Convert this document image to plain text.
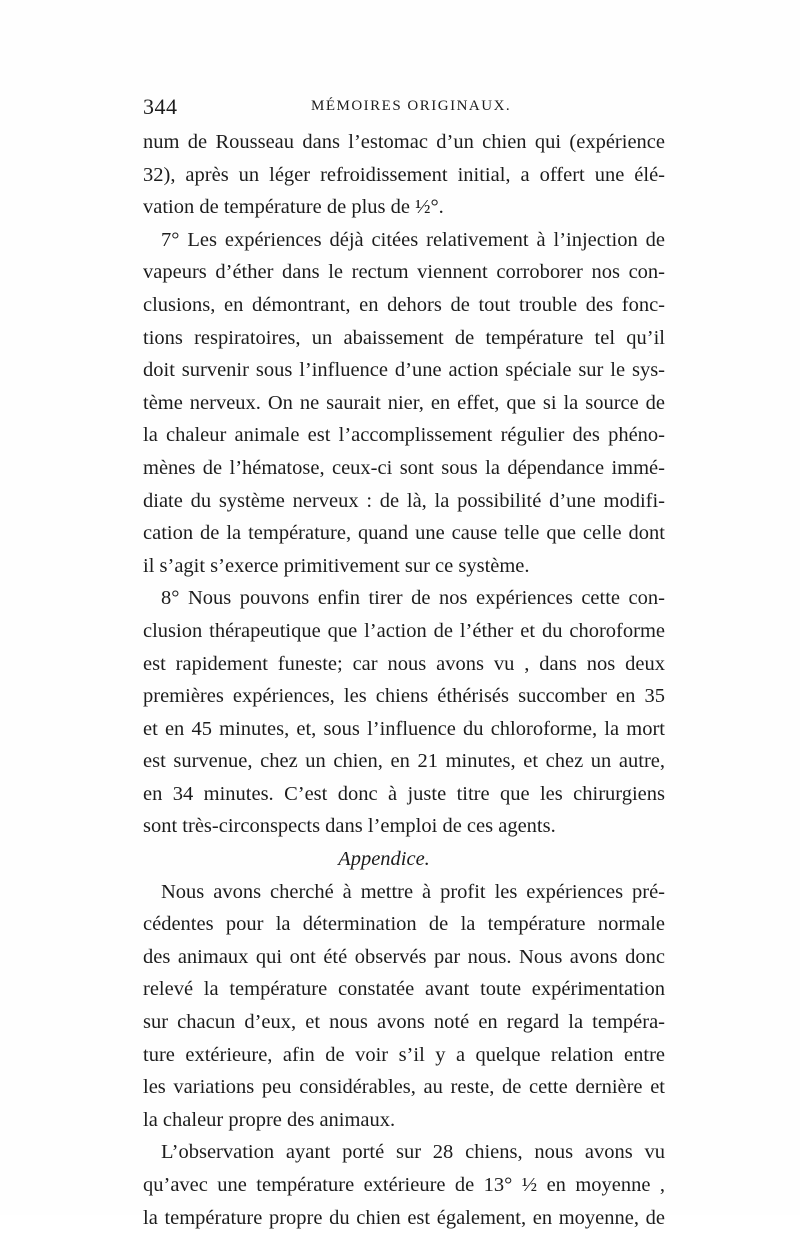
344	MÉMOIRES ORIGINAUX.
num de Rousseau dans l’estomac d’un chien qui (expérience
32), après un léger refroidissement initial, a offert une élé-
vation de température de plus de ½°.
7° Les expériences déjà citées relativement à l’injection de
vapeurs d’éther dans le rectum viennent corroborer nos con-
clusions, en démontrant, en dehors de tout trouble des fonc-
tions respiratoires, un abaissement de température tel qu’il
doit survenir sous l’influence d’une action spéciale sur le sys-
tème nerveux. On ne saurait nier, en effet, que si la source de
la chaleur animale est l’accomplissement régulier des phéno-
mènes de l’hématose, ceux-ci sont sous la dépendance immé-
diate du système nerveux : de là, la possibilité d’une modifi-
cation de la température, quand une cause telle que celle dont
il s’agit s’exerce primitivement sur ce système.
8° Nous pouvons enfin tirer de nos expériences cette con-
clusion thérapeutique que l’action de l’éther et du choroforme
est rapidement funeste; car nous avons vu , dans nos deux
premières expériences, les chiens éthérisés succomber en 35
et en 45 minutes, et, sous l’influence du chloroforme, la mort
est survenue, chez un chien, en 21 minutes, et chez un autre,
en 34 minutes. C’est donc à juste titre que les chirurgiens
sont très-circonspects dans l’emploi de ces agents.
Appendice.
Nous avons cherché à mettre à profit les expériences pré-
cédentes pour la détermination de la température normale
des animaux qui ont été observés par nous. Nous avons donc
relevé la température constatée avant toute expérimentation
sur chacun d’eux, et nous avons noté en regard la tempéra-
ture extérieure, afin de voir s’il y a quelque relation entre
les variations peu considérables, au reste, de cette dernière et
la chaleur propre des animaux.
L’observation ayant porté sur 28 chiens, nous avons vu
qu’avec une température extérieure de 13° ½ en moyenne ,
la température propre du chien est également, en moyenne, de
